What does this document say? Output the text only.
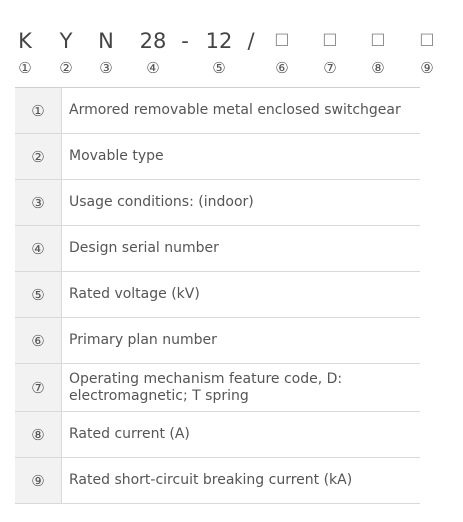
K Y N 28 - 12 / ☐ ☐ ☐ ☐
① ② ③ ④	⑤	⑥ ⑦ ⑧ ⑨
①	Armored removable metal enclosed switchgear
②	Movable type
③	Usage conditions: (indoor)
④	Design serial number
⑤	Rated voltage (kV)
⑥	Primary plan number
⑦	Operating mechanism feature code, D: electromagnetic; T spring
⑧	Rated current (A)
⑨	Rated short-circuit breaking current (kA)
